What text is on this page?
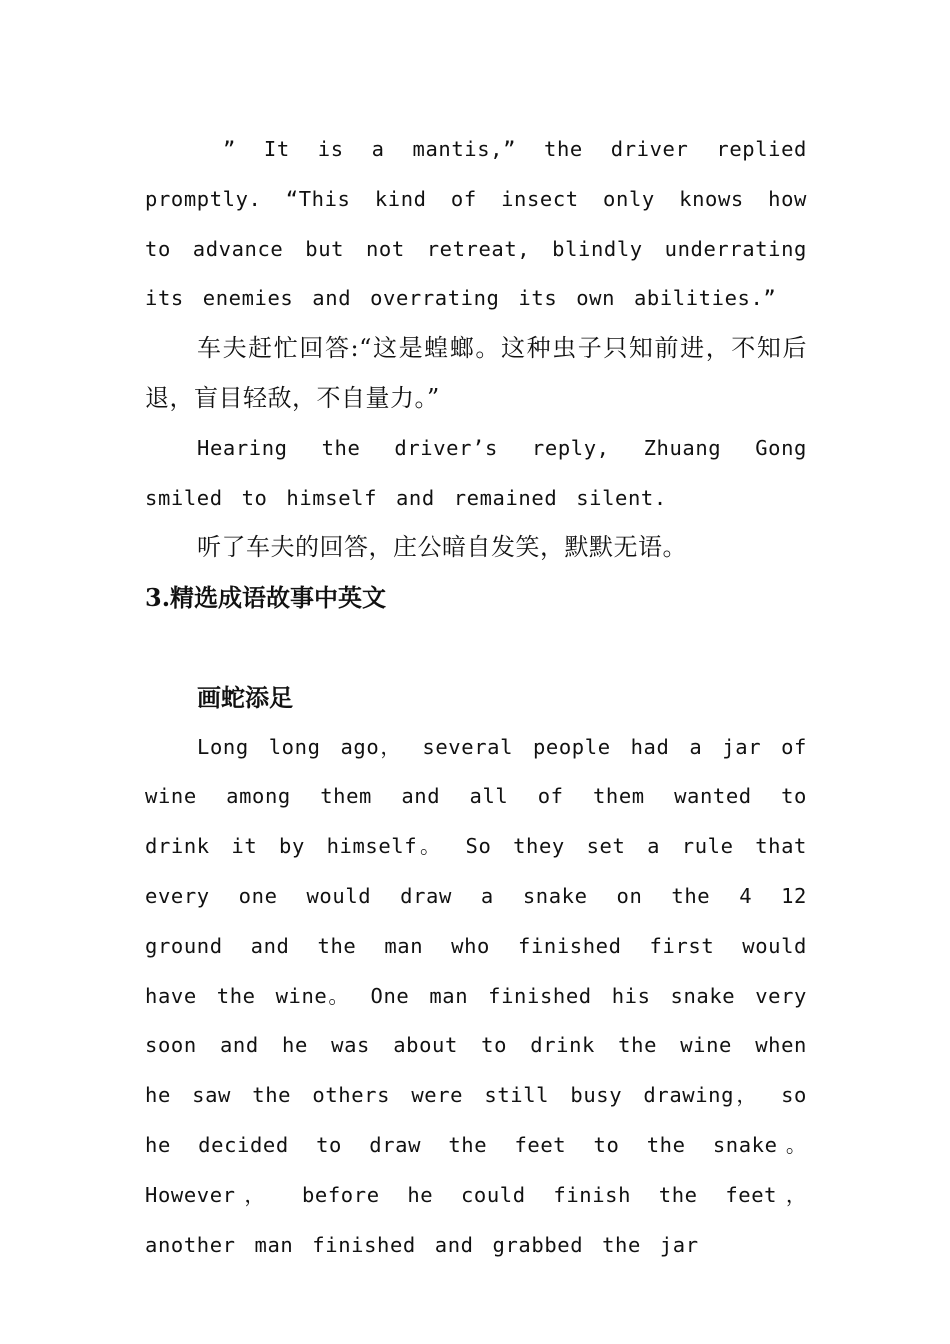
” It is a mantis,” the driver replied promptly. “This kind of insect only knows how to advance but not retreat, blindly underrating its enemies and overrating its own abilities.”

车夫赶忙回答:“这是蝗螂。这种虫子只知前进，不知后退，盲目轻敌，不自量力。”

Hearing the driver’s reply, Zhuang Gong smiled to himself and remained silent.

听了车夫的回答，庄公暗自发笑，默默无语。

3.精选成语故事中英文
画蛇添足

Long long ago， several people had a jar of wine among them and all of them wanted to drink it by himself。 So they set a rule that every one would draw a snake on the 4 12 ground and the man who finished first would have the wine。 One man finished his snake very soon and he was about to drink the wine when he saw the others were still busy drawing， so he decided to draw the feet to the snake。 However， before he could finish the feet， another man finished and grabbed the jar
